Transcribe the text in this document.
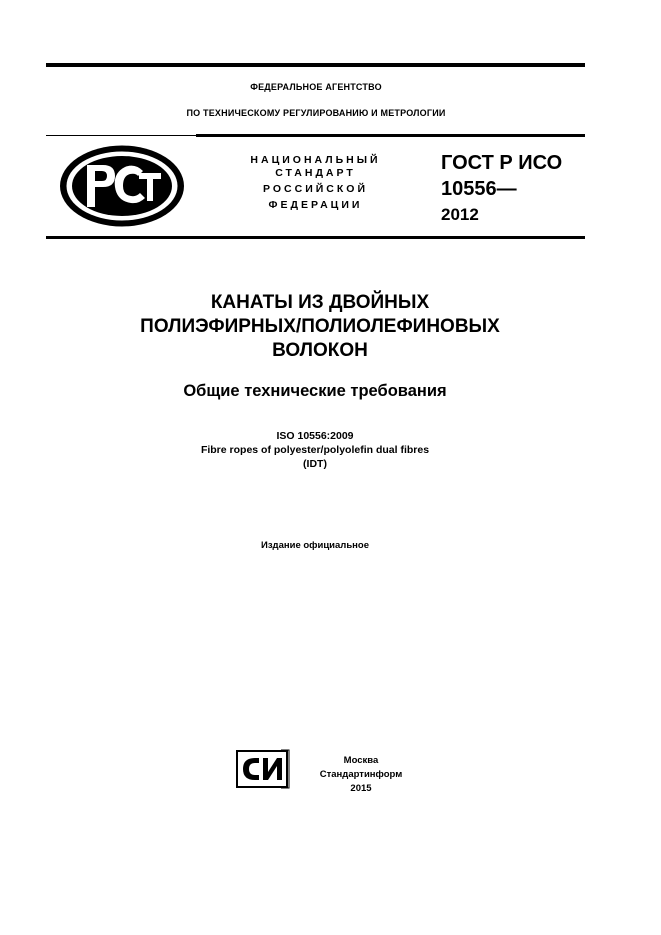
ФЕДЕРАЛЬНОЕ АГЕНТСТВО
ПО ТЕХНИЧЕСКОМУ РЕГУЛИРОВАНИЮ И МЕТРОЛОГИИ
НАЦИОНАЛЬНЫЙ
СТАНДАРТ
РОССИЙСКОЙ
ФЕДЕРАЦИИ
ГОСТ Р ИСО
10556—
2012
КАНАТЫ ИЗ ДВОЙНЫХ
ПОЛИЭФИРНЫХ/ПОЛИОЛЕФИНОВЫХ
ВОЛОКОН
Общие технические требования
ISO 10556:2009
Fibre ropes of polyester/polyolefin dual fibres
(IDT)
Издание официальное
Москва
Стандартинформ
2015
